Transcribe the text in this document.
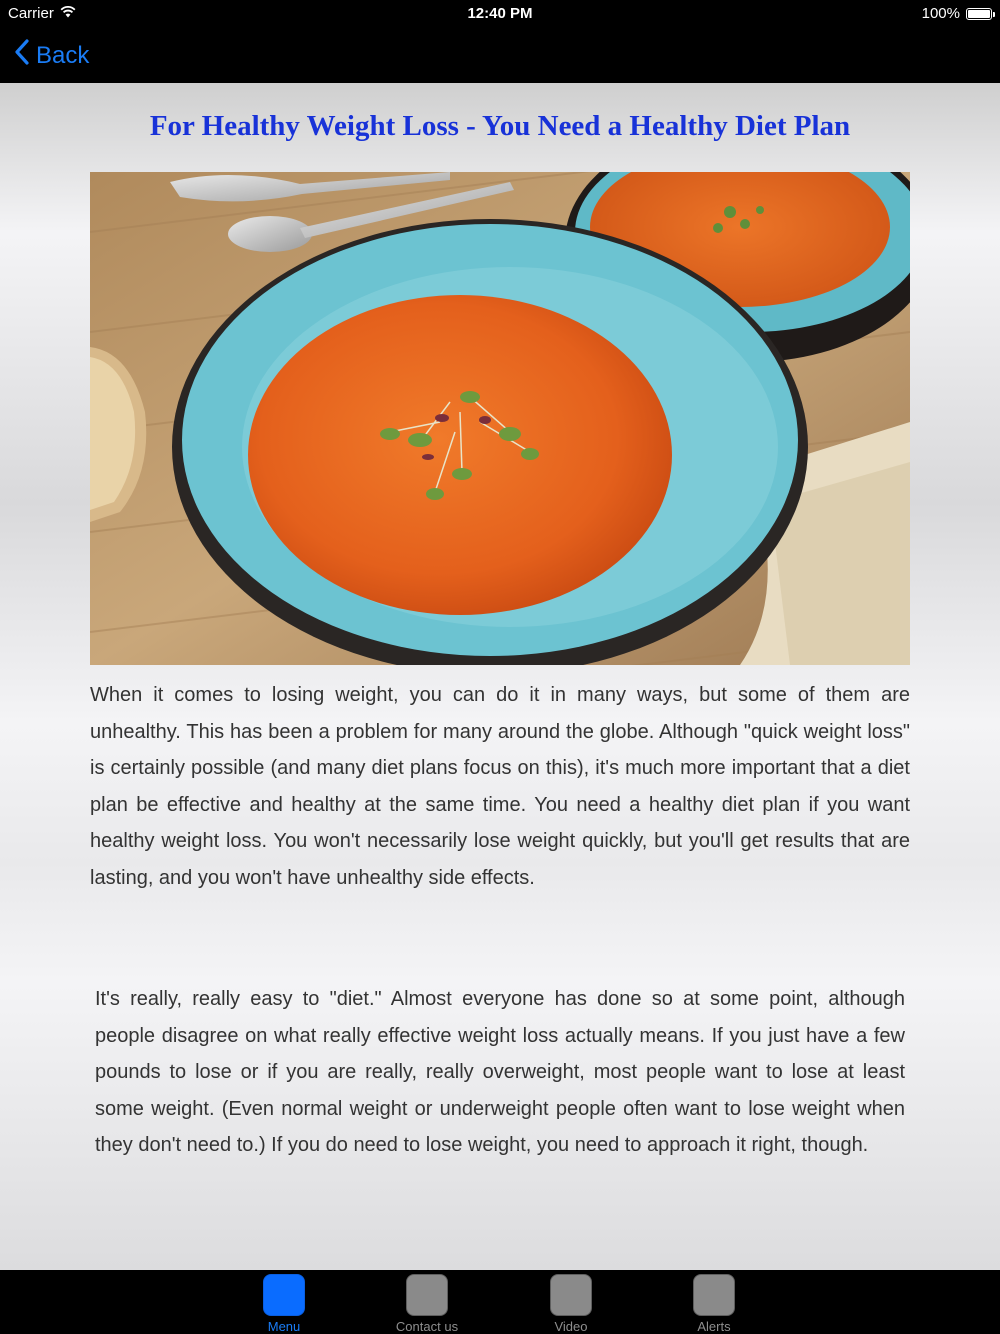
Carrier	12:40 PM	100%
Back
For Healthy Weight Loss - You Need a Healthy Diet Plan

When it comes to losing weight, you can do it in many ways, but some of them are unhealthy. This has been a problem for many around the globe. Although "quick weight loss" is certainly possible (and many diet plans focus on this), it's much more important that a diet plan be effective and healthy at the same time. You need a healthy diet plan if you want healthy weight loss. You won't necessarily lose weight quickly, but you'll get results that are lasting, and you won't have unhealthy side effects.

It's really, really easy to "diet." Almost everyone has done so at some point, although people disagree on what really effective weight loss actually means. If you just have a few pounds to lose or if you are really, really overweight, most people want to lose at least some weight. (Even normal weight or underweight people often want to lose weight when they don't need to.) If you do need to lose weight, you need to approach it right, though.

Menu	Contact us	Video	Alerts
